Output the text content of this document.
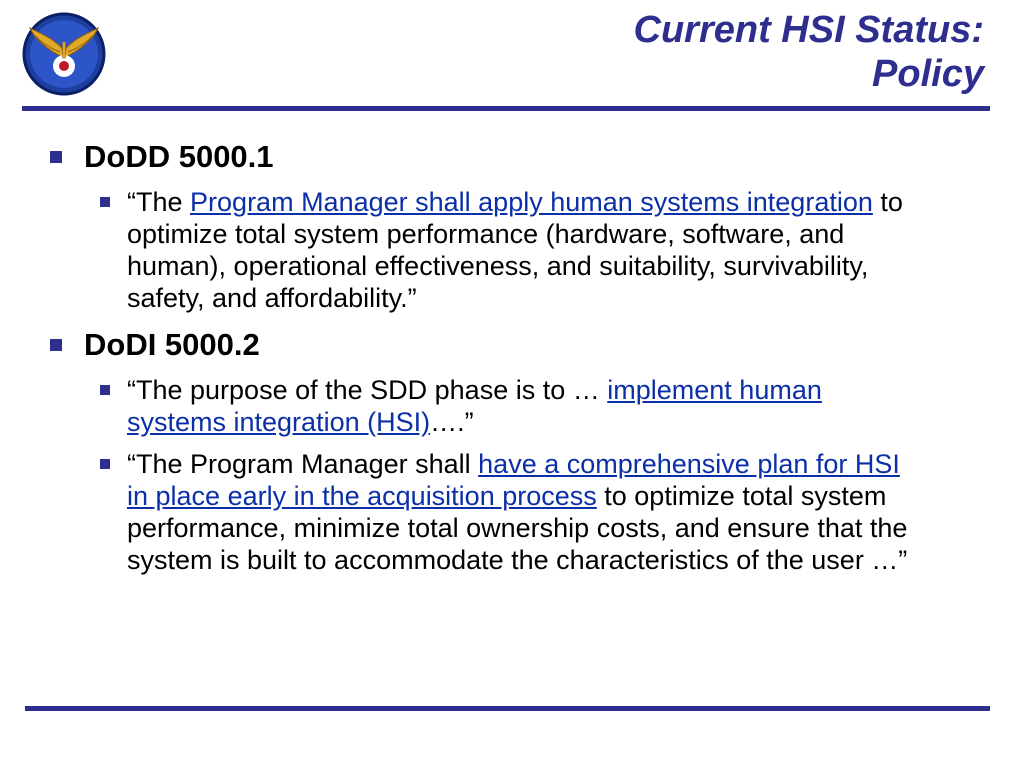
Current HSI Status:
Policy
DoDD 5000.1
“The Program Manager shall apply human systems integration to optimize total system performance (hardware, software, and human), operational effectiveness, and suitability, survivability, safety, and affordability.”
DoDI 5000.2
“The purpose of the SDD phase is to … implement human systems integration (HSI)….”
“The Program Manager shall have a comprehensive plan for HSI in place early in the acquisition process to optimize total system performance, minimize total ownership costs, and ensure that the system is built to accommodate the characteristics of the user …”
